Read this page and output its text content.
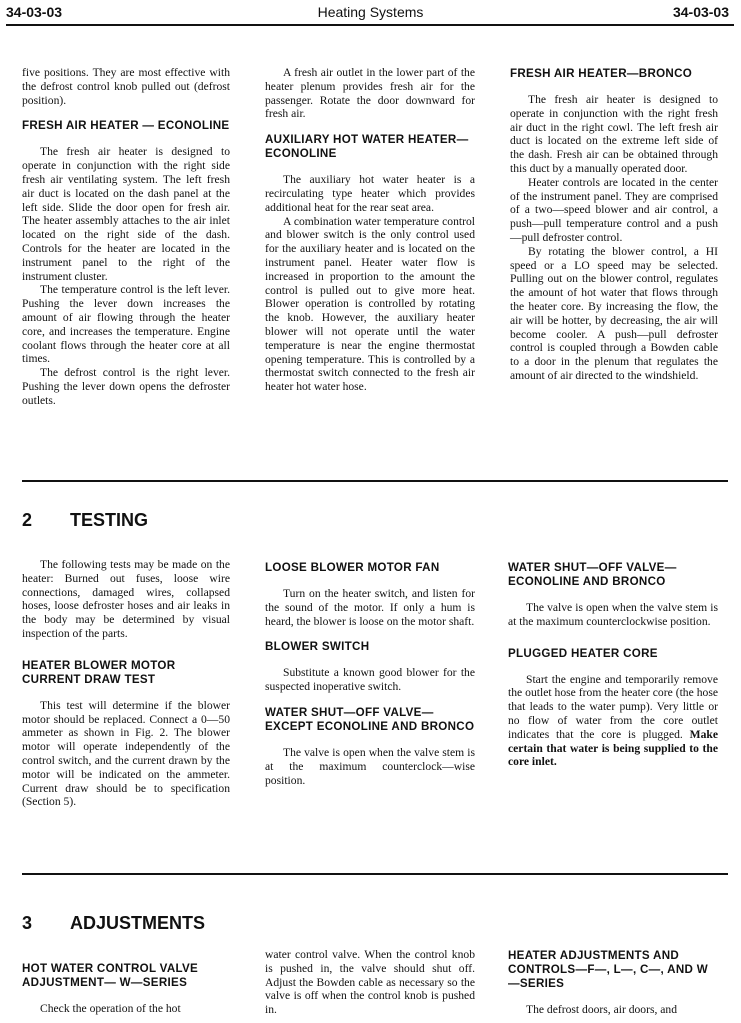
34-03-03	Heating Systems	34-03-03

five positions. They are most effective with the defrost control knob pulled out (defrost position).

FRESH AIR HEATER — ECONOLINE

The fresh air heater is designed to operate in conjunction with the right side fresh air ventilating system. The left fresh air duct is located on the dash panel at the left side. Slide the door open for fresh air. The heater assembly attaches to the air inlet located on the right side of the dash. Controls for the heater are located in the instrument panel to the right of the instrument cluster.

The temperature control is the left lever. Pushing the lever down increases the amount of air flowing through the heater core, and increases the temperature. Engine coolant flows through the heater core at all times.

The defrost control is the right lever. Pushing the lever down opens the defroster outlets.

A fresh air outlet in the lower part of the heater plenum provides fresh air for the passenger. Rotate the door downward for fresh air.

AUXILIARY HOT WATER HEATER—ECONOLINE

The auxiliary hot water heater is a recirculating type heater which provides additional heat for the rear seat area.

A combination water temperature control and blower switch is the only control used for the auxiliary heater and is located on the instrument panel. Heater water flow is increased in proportion to the amount the control is pulled out to give more heat. Blower operation is controlled by rotating the knob. However, the auxiliary heater blower will not operate until the water temperature is near the engine thermostat opening temperature. This is controlled by a thermostat switch connected to the fresh air heater hot water hose.

FRESH AIR HEATER—BRONCO

The fresh air heater is designed to operate in conjunction with the right fresh air duct in the right cowl. The left fresh air duct is located on the extreme left side of the dash. Fresh air can be obtained through this duct by a manually operated door.

Heater controls are located in the center of the instrument panel. They are comprised of a two—speed blower and air control, a push—pull temperature control and a push—pull defroster control.

By rotating the blower control, a HI speed or a LO speed may be selected. Pulling out on the blower control, regulates the amount of hot water that flows through the heater core. By increasing the flow, the air will be hotter, by decreasing, the air will become cooler. A push—pull defroster control is coupled through a Bowden cable to a door in the plenum that regulates the amount of air directed to the windshield.

2 TESTING

The following tests may be made on the heater: Burned out fuses, loose wire connections, damaged wires, collapsed hoses, loose defroster hoses and air leaks in the body may be determined by visual inspection of the parts.

HEATER BLOWER MOTOR CURRENT DRAW TEST

This test will determine if the blower motor should be replaced. Connect a 0—50 ammeter as shown in Fig. 2. The blower motor will operate independently of the control switch, and the current drawn by the motor will be indicated on the ammeter. Current draw should be to specification (Section 5).

LOOSE BLOWER MOTOR FAN

Turn on the heater switch, and listen for the sound of the motor. If only a hum is heard, the blower is loose on the motor shaft.

BLOWER SWITCH

Substitute a known good blower for the suspected inoperative switch.

WATER SHUT—OFF VALVE—EXCEPT ECONOLINE AND BRONCO

The valve is open when the valve stem is at the maximum counterclock—wise position.

WATER SHUT—OFF VALVE—ECONOLINE AND BRONCO

The valve is open when the valve stem is at the maximum counterclockwise position.

PLUGGED HEATER CORE

Start the engine and temporarily remove the outlet hose from the heater core (the hose that leads to the water pump). Very little or no flow of water from the core outlet indicates that the core is plugged. Make certain that water is being supplied to the core inlet.

3 ADJUSTMENTS
HOT WATER CONTROL VALVE ADJUSTMENT— W—SERIES

Check the operation of the hot

water control valve. When the control knob is pushed in, the valve should shut off. Adjust the Bowden cable as necessary so the valve is off when the control knob is pushed in.

HEATER ADJUSTMENTS AND CONTROLS—F—, L—, C—, AND W—SERIES

The defrost doors, air doors, and
